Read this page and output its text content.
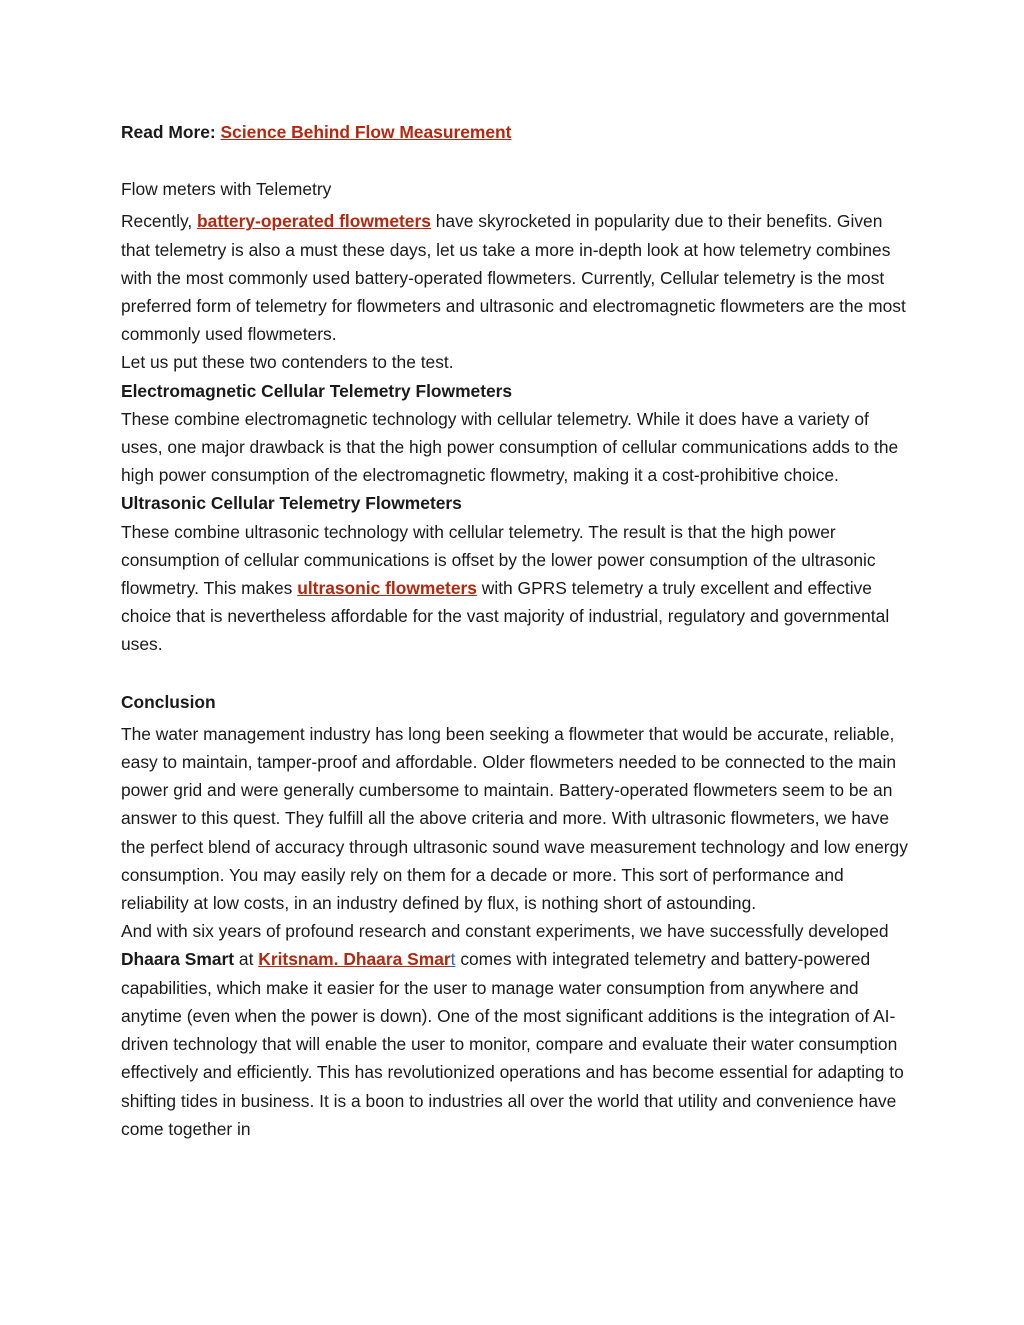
Read More: Science Behind Flow Measurement

Flow meters with Telemetry

Recently, battery-operated flowmeters have skyrocketed in popularity due to their benefits. Given that telemetry is also a must these days, let us take a more in-depth look at how telemetry combines with the most commonly used battery-operated flowmeters. Currently, Cellular telemetry is the most preferred form of telemetry for flowmeters and ultrasonic and electromagnetic flowmeters are the most commonly used flowmeters.

Let us put these two contenders to the test.

Electromagnetic Cellular Telemetry Flowmeters

These combine electromagnetic technology with cellular telemetry. While it does have a variety of uses, one major drawback is that the high power consumption of cellular communications adds to the high power consumption of the electromagnetic flowmetry, making it a cost-prohibitive choice.

Ultrasonic Cellular Telemetry Flowmeters

These combine ultrasonic technology with cellular telemetry. The result is that the high power consumption of cellular communications is offset by the lower power consumption of the ultrasonic flowmetry. This makes ultrasonic flowmeters with GPRS telemetry a truly excellent and effective choice that is nevertheless affordable for the vast majority of industrial, regulatory and governmental uses.

Conclusion

The water management industry has long been seeking a flowmeter that would be accurate, reliable, easy to maintain, tamper-proof and affordable. Older flowmeters needed to be connected to the main power grid and were generally cumbersome to maintain. Battery-operated flowmeters seem to be an answer to this quest. They fulfill all the above criteria and more. With ultrasonic flowmeters, we have the perfect blend of accuracy through ultrasonic sound wave measurement technology and low energy consumption. You may easily rely on them for a decade or more. This sort of performance and reliability at low costs, in an industry defined by flux, is nothing short of astounding.

And with six years of profound research and constant experiments, we have successfully developed Dhaara Smart at Kritsnam. Dhaara Smart comes with integrated telemetry and battery-powered capabilities, which make it easier for the user to manage water consumption from anywhere and anytime (even when the power is down). One of the most significant additions is the integration of AI-driven technology that will enable the user to monitor, compare and evaluate their water consumption effectively and efficiently. This has revolutionized operations and has become essential for adapting to shifting tides in business. It is a boon to industries all over the world that utility and convenience have come together in
